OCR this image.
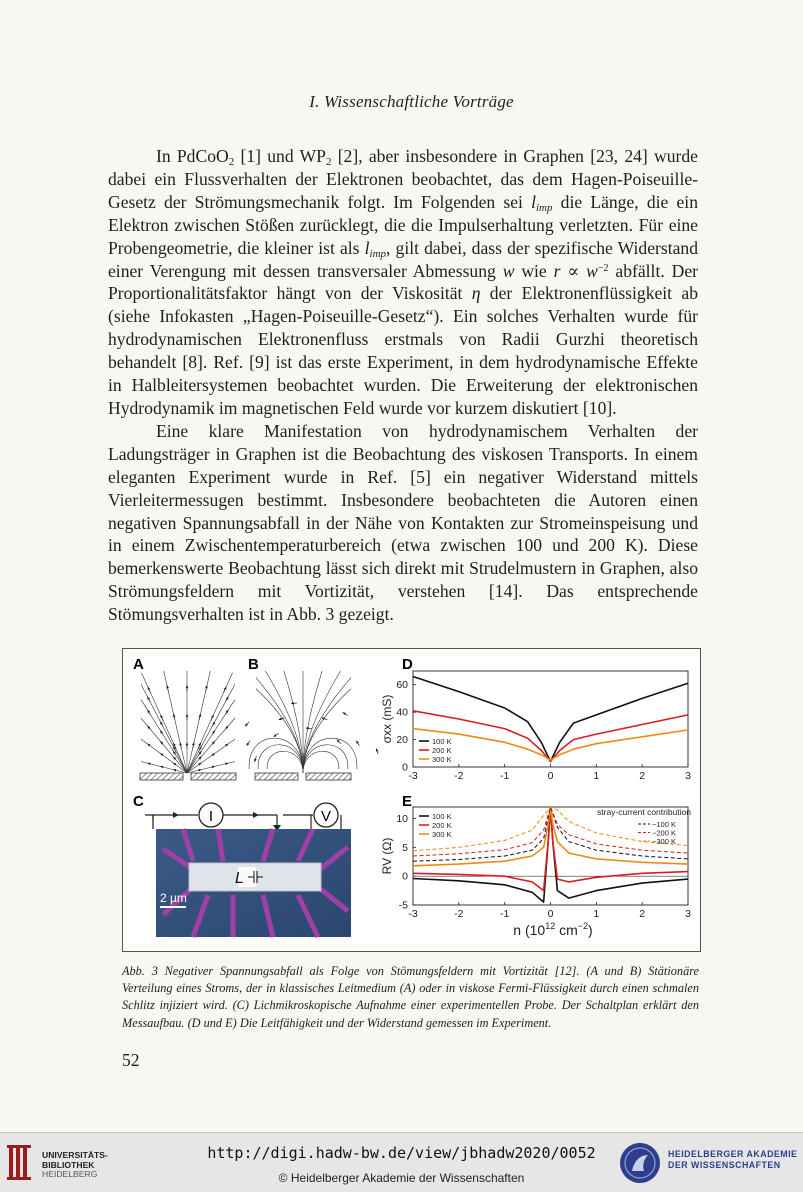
I. Wissenschaftliche Vorträge

In PdCoO$_2$ [1] und $WP_2$ [2], aber insbesondere in Graphen [23, 24] wurde dabei ein Flussverhalten der Elektronen beobachtet, das dem Hagen-Poiseuille-Gesetz der Strömungsmechanik folgt. Im Folgenden sei $l_{imp}$ die Länge, die ein Elektron zwischen Stößen zurücklegt, die die Impulserhaltung verletzten. Für eine Probengeometrie, die kleiner ist als $l_{imp}$, gilt dabei, dass der spezifische Widerstand einer Verengung mit dessen transversaler Abmessung w wie $r \propto w^{-2}$ abfällt. Der Proportionalitätsfaktor hängt von der Viskosität η der Elektronenflüssigkeit ab (siehe Infokasten „Hagen-Poiseuille-Gesetz“). Ein solches Verhalten wurde für hydrodynamischen Elektronenfluss erstmals von Radii Gurzhi theoretisch behandelt [8]. Ref. [9] ist das erste Experiment, in dem hydrodynamische Effekte in Halbleitersystemen beobachtet wurden. Die Erweiterung der elektronischen Hydrodynamik im magnetischen Feld wurde vor kurzem diskutiert [10].

Eine klare Manifestation von hydrodynamischem Verhalten der Ladungsträger in Graphen ist die Beobachtung des viskosen Transports. In einem eleganten Experiment wurde in Ref. [5] ein negativer Widerstand mittels Vierleitermessugen bestimmt. Insbesondere beobachteten die Autoren einen negativen Spannungsabfall in der Nähe von Kontakten zur Stromeinspeisung und in einem Zwischentemperaturbereich (etwa zwischen 100 und 200 K). Diese bemerkenswerte Beobachtung lässt sich direkt mit Strudelmustern in Graphen, also Strömungsfeldern mit Vortizität, verstehen [14]. Das entsprechende Stömungsverhalten ist in Abb. 3 gezeigt.

A	B
C
I	V
L
2 µm
D
-3	-2	-1	0	1	2	3
0
20
40
60
σxx (mS)	100 K
200 K
300 K
E
-3	-2	-1	0	1	2	3
-5
0
5
10
RV (Ω)
n ($10^{12}$ $cm^{-2}$)
100 K
200 K
300 K
stray-current contribution
−100 K
−200 K
−300 K
Abb. 3 Negativer Spannungsabfall als Folge von Stömungsfeldern mit Vortizität [12]. (A und B) Stätionäre Verteilung eines Stroms, der in klassisches Leitmedium (A) oder in viskose Fermi-Flüssigkeit durch einen schmalen Schlitz injiziert wird. (C) Lichmikroskopische Aufnahme einer experimentellen Probe. Der Schaltplan erklärt den Messaufbau. (D und E) Die Leitfähigkeit und der Widerstand gemessen im Experiment.
52
UNIVERSITÄTS-
BIBLIOTHEK
HEIDELBERG
http://digi.hadw-bw.de/view/jbhadw2020/0052
© Heidelberger Akademie der Wissenschaften
HEIDELBERGER AKADEMIE
DER WISSENSCHAFTEN
